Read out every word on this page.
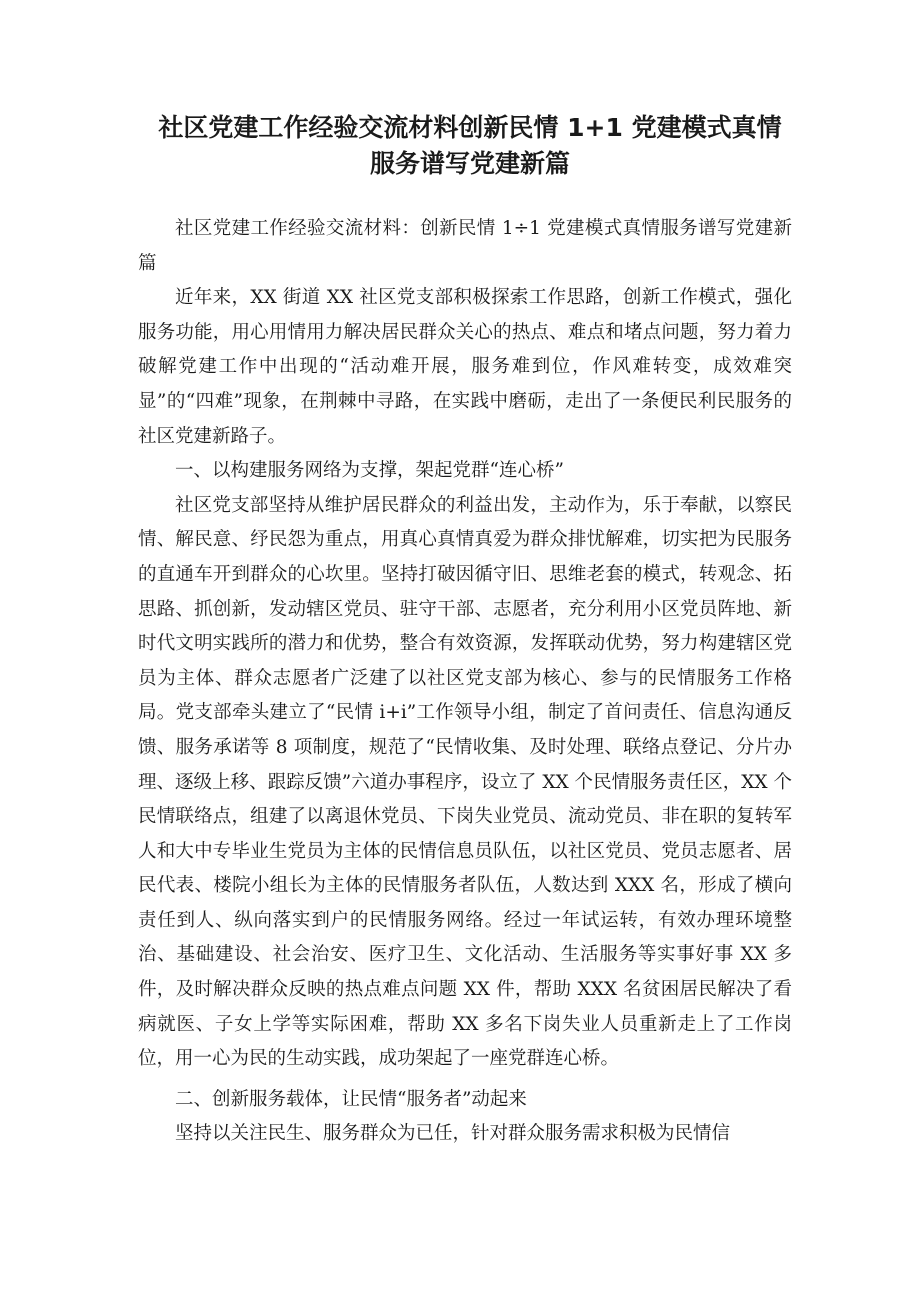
社区党建工作经验交流材料创新民情 1+1 党建模式真情
服务谱写党建新篇

社区党建工作经验交流材料：创新民情 1÷1 党建模式真情服务谱写党建新篇

近年来，XX 街道 XX 社区党支部积极探索工作思路，创新工作模式，强化服务功能，用心用情用力解决居民群众关心的热点、难点和堵点问题，努力着力破解党建工作中出现的“活动难开展，服务难到位，作风难转变，成效难突显”的“四难”现象，在荆棘中寻路，在实践中磨砺，走出了一条便民利民服务的社区党建新路子。

一、以构建服务网络为支撑，架起党群“连心桥”

社区党支部坚持从维护居民群众的利益出发，主动作为，乐于奉献，以察民情、解民意、纾民怨为重点，用真心真情真爱为群众排忧解难，切实把为民服务的直通车开到群众的心坎里。坚持打破因循守旧、思维老套的模式，转观念、拓思路、抓创新，发动辖区党员、驻守干部、志愿者，充分利用小区党员阵地、新时代文明实践所的潜力和优势，整合有效资源，发挥联动优势，努力构建辖区党员为主体、群众志愿者广泛建了以社区党支部为核心、参与的民情服务工作格局。党支部牵头建立了“民情 i+i”工作领导小组，制定了首问责任、信息沟通反馈、服务承诺等 8 项制度，规范了“民情收集、及时处理、联络点登记、分片办理、逐级上移、跟踪反馈”六道办事程序，设立了 XX 个民情服务责任区，XX 个民情联络点，组建了以离退休党员、下岗失业党员、流动党员、非在职的复转军人和大中专毕业生党员为主体的民情信息员队伍，以社区党员、党员志愿者、居民代表、楼院小组长为主体的民情服务者队伍，人数达到 XXX 名，形成了横向责任到人、纵向落实到户的民情服务网络。经过一年试运转，有效办理环境整治、基础建设、社会治安、医疗卫生、文化活动、生活服务等实事好事 XX 多件，及时解决群众反映的热点难点问题 XX 件，帮助 XXX 名贫困居民解决了看病就医、子女上学等实际困难，帮助 XX 多名下岗失业人员重新走上了工作岗位，用一心为民的生动实践，成功架起了一座党群连心桥。

二、创新服务载体，让民情“服务者”动起来

坚持以关注民生、服务群众为已任，针对群众服务需求积极为民情信
